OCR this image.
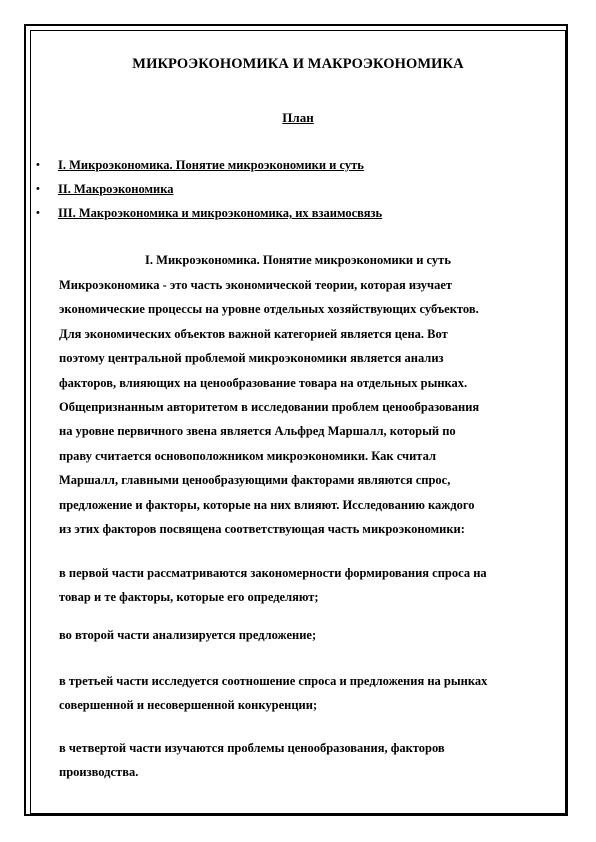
МИКРОЭКОНОМИКА И МАКРОЭКОНОМИКА
План
• I. Микроэкономика. Понятие микроэкономики и суть
• II. Макроэкономика
• III. Макроэкономика и микроэкономика, их взаимосвязь
I. Микроэкономика. Понятие микроэкономики и суть
Микроэкономика - это часть экономической теории, которая изучает
экономические процессы на уровне отдельных хозяйствующих субъектов.
Для экономических объектов важной категорией является цена. Вот
поэтому центральной проблемой микроэкономики является анализ
факторов, влияющих на ценообразование товара на отдельных рынках.
Общепризнанным авторитетом в исследовании проблем ценообразования
на уровне первичного звена является Альфред Маршалл, который по
праву считается основоположником микроэкономики. Как считал
Маршалл, главными ценообразующими факторами являются спрос,
предложение и факторы, которые на них влияют. Исследованию каждого
из этих факторов посвящена соответствующая часть микроэкономики:
в первой части рассматриваются закономерности формирования спроса на
товар и те факторы, которые его определяют;
во второй части анализируется предложение;
в третьей части исследуется соотношение спроса и предложения на рынках
совершенной и несовершенной конкуренции;
в четвертой части изучаются проблемы ценообразования, факторов
производства.
